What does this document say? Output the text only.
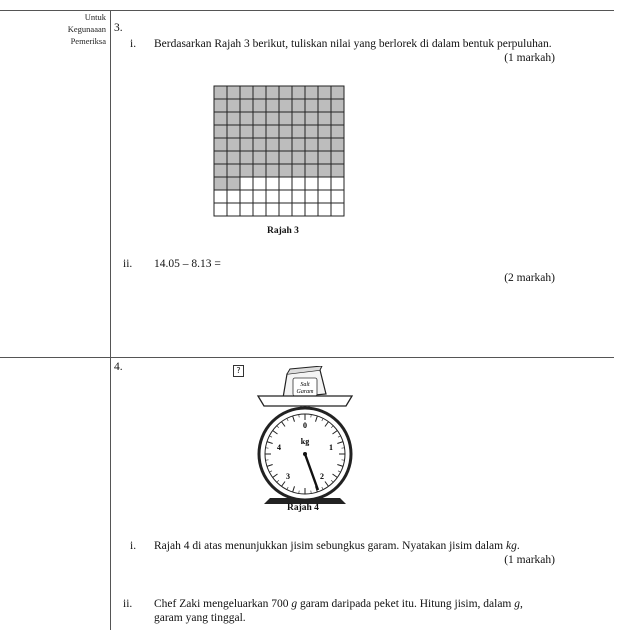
Untuk
Kegunaaan
Pemeriksa
3.
i. Berdasarkan Rajah 3 berikut, tuliskan nilai yang berlorek di dalam bentuk perpuluhan.
(1 markah)
Rajah 3
ii. 14.05 – 8.13 =
(2 markah)
4.	?
Salt
Garam
0
1
2
3
4
kg
Rajah 4
i. Rajah 4 di atas menunjukkan jisim sebungkus garam. Nyatakan jisim dalam kg.
(1 markah)
ii. Chef Zaki mengeluarkan 700 g garam daripada peket itu. Hitung jisim, dalam g,
garam yang tinggal.
